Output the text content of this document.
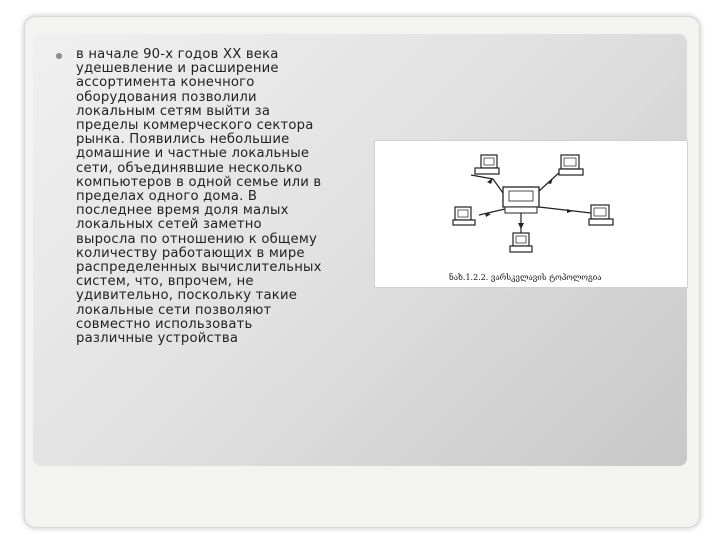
в начале 90-х годов XX века
удешевление и расширение
ассортимента конечного
оборудования позволили
локальным сетям выйти за
пределы коммерческого сектора
рынка. Появились небольшие
домашние и частные локальные
сети, объединявшие несколько
компьютеров в одной семье или в
пределах одного дома. В
последнее время доля малых
локальных сетей заметно
выросла по отношению к общему
количеству работающих в мире
распределенных вычислительных
систем, что, впрочем, не
удивительно, поскольку такие
локальные сети позволяют
совместно использовать
различные устройства

ნახ.1.2.2. ვარსკვლავის ტოპოლოგია
